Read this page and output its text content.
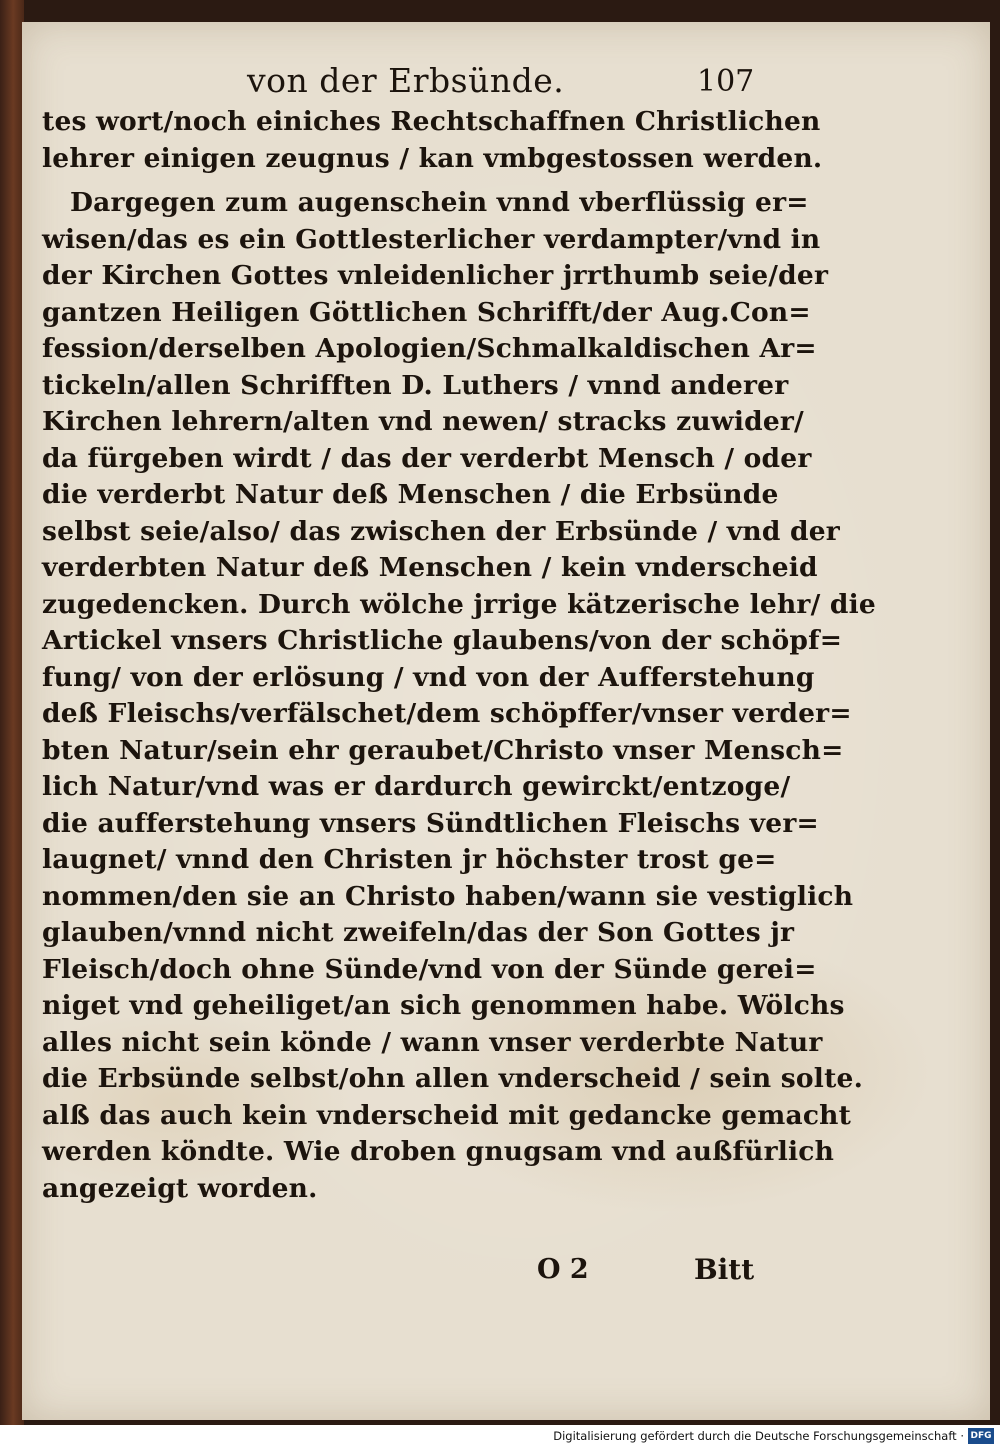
von der Erbsünde.	107
tes wort/noch einiches Rechtschaffnen Christlichen
lehrer einigen zeugnus / kan vmbgestossen werden.
Dargegen zum augenschein vnnd vberflüssig er=
wisen/das es ein Gottlesterlicher verdampter/vnd in
der Kirchen Gottes vnleidenlicher jrrthumb seie/der
gantzen Heiligen Göttlichen Schrifft/der Aug.Con=
fession/derselben Apologien/Schmalkaldischen Ar=
tickeln/allen Schrifften D. Luthers / vnnd anderer
Kirchen lehrern/alten vnd newen/ stracks zuwider/
da fürgeben wirdt / das der verderbt Mensch / oder
die verderbt Natur deß Menschen / die Erbsünde
selbst seie/also/ das zwischen der Erbsünde / vnd der
verderbten Natur deß Menschen / kein vnderscheid
zugedencken. Durch wölche jrrige kätzerische lehr/ die
Artickel vnsers Christliche glaubens/von der schöpf=
fung/ von der erlösung / vnd von der Aufferstehung
deß Fleischs/verfälschet/dem schöpffer/vnser verder=
bten Natur/sein ehr geraubet/Christo vnser Mensch=
lich Natur/vnd was er dardurch gewirckt/entzoge/
die aufferstehung vnsers Sündtlichen Fleischs ver=
laugnet/ vnnd den Christen jr höchster trost ge=
nommen/den sie an Christo haben/wann sie vestiglich
glauben/vnnd nicht zweifeln/das der Son Gottes jr
Fleisch/doch ohne Sünde/vnd von der Sünde gerei=
niget vnd geheiliget/an sich genommen habe. Wölchs
alles nicht sein könde / wann vnser verderbte Natur
die Erbsünde selbst/ohn allen vnderscheid / sein solte.
alß das auch kein vnderscheid mit gedancke gemacht
werden köndte. Wie droben gnugsam vnd außfürlich
angezeigt worden.
O 2	Bitt
Digitalisierung gefördert durch die Deutsche Forschungsgemeinschaft · DFG
